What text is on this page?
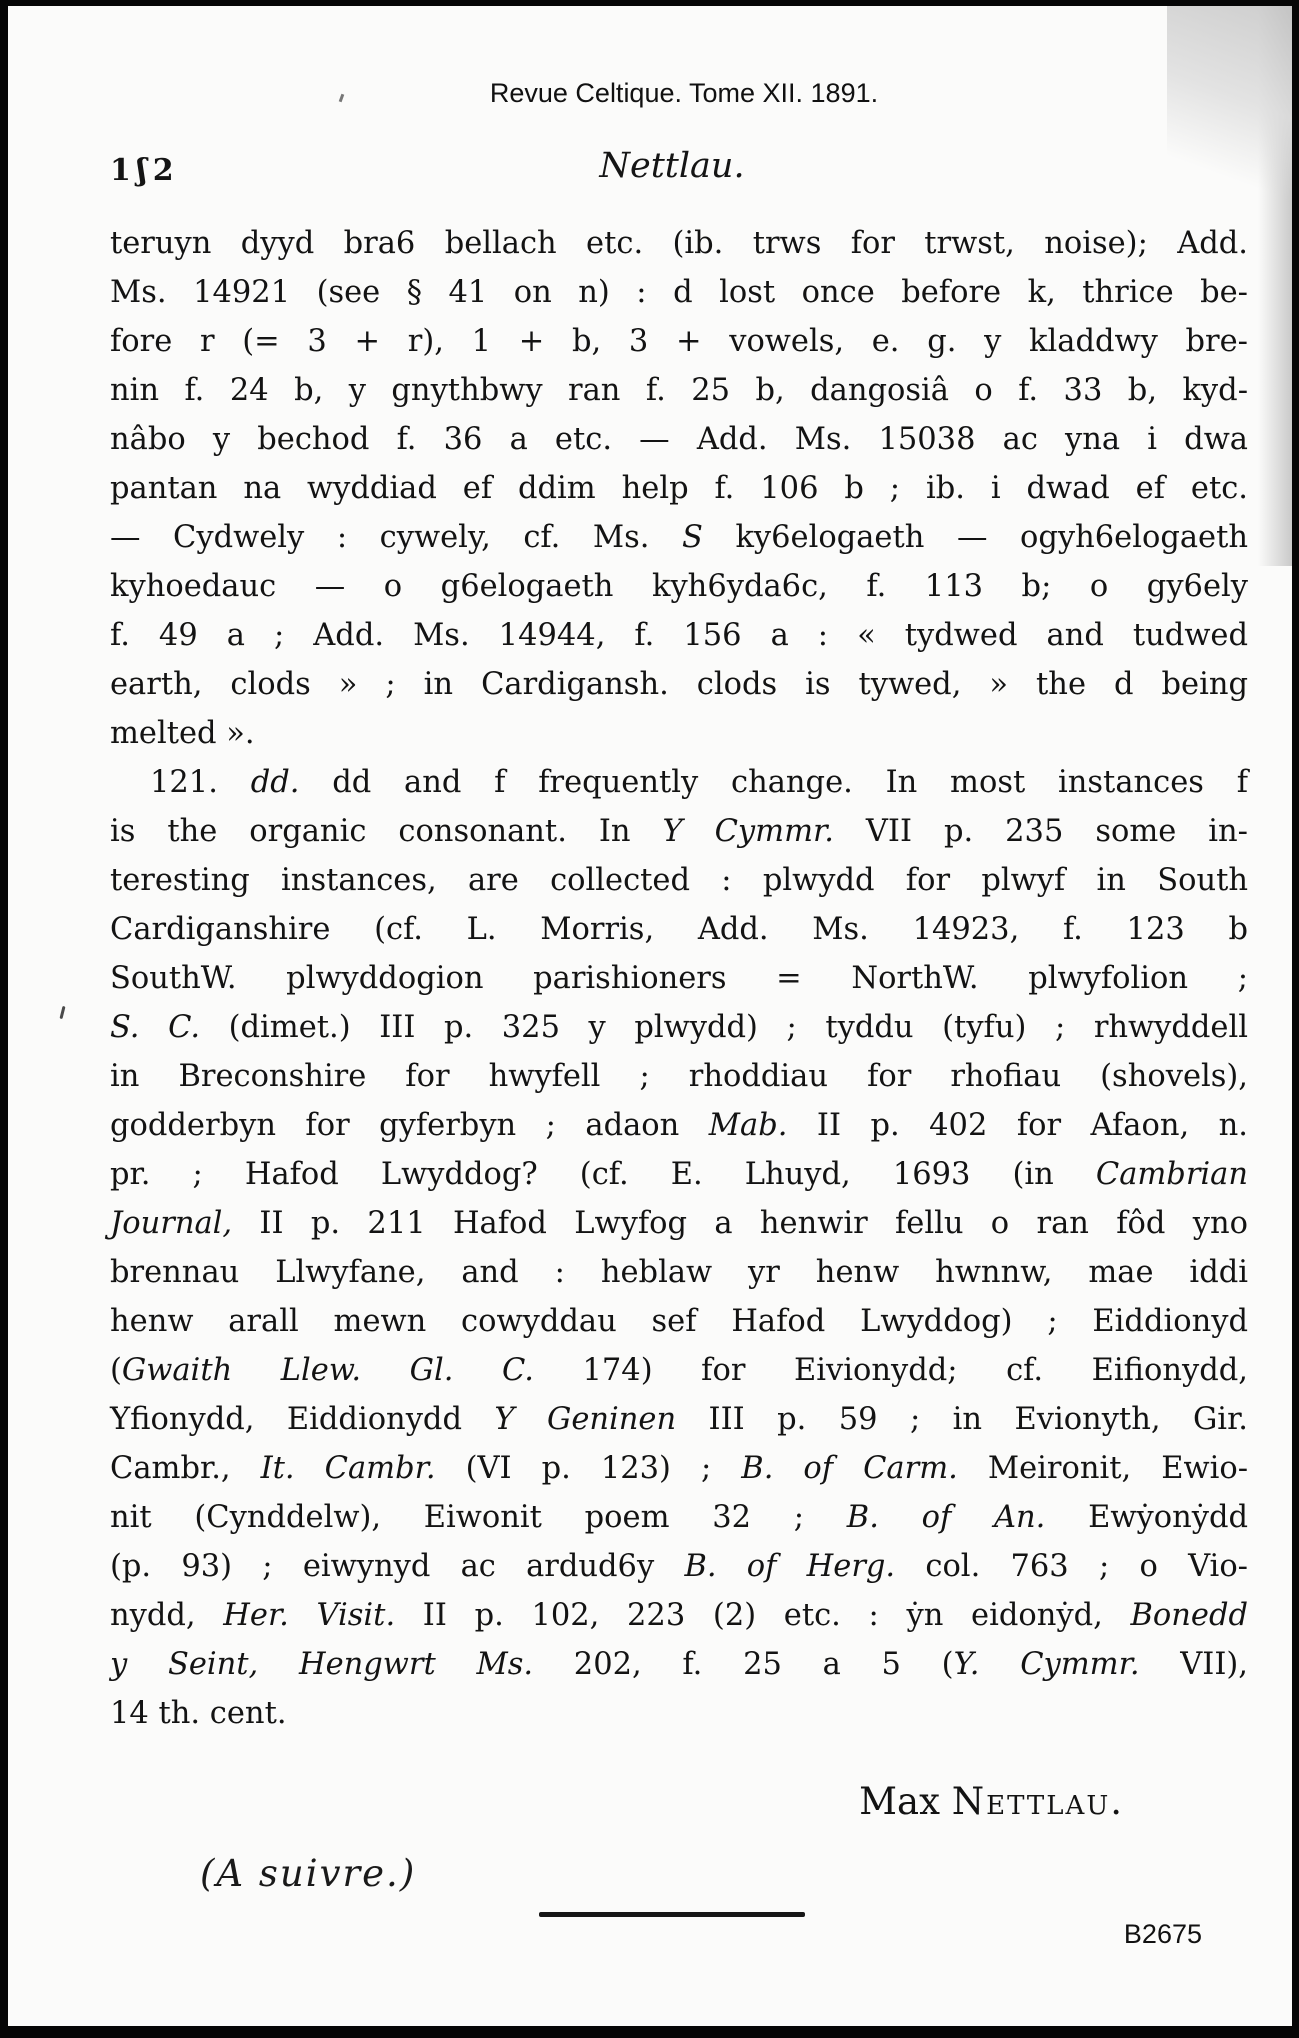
Revue Celtique. Tome XII. 1891.
1ʃ2	Nettlau.
teruyn dyyd bra6 bellach etc. (ib. trws for trwst, noise); Add.
Ms. 14921 (see § 41 on n) : d lost once before k, thrice be-
fore r (= 3 + r), 1 + b, 3 + vowels, e. g. y kladdwy bre-
nin f. 24 b, y gnythbwy ran f. 25 b, dangosiâ o f. 33 b, kyd-
nâbo y bechod f. 36 a etc. — Add. Ms. 15038 ac yna i dwa
pantan na wyddiad ef ddim help f. 106 b ; ib. i dwad ef etc.
— Cydwely : cywely, cf. Ms. S ky6elogaeth — ogyh6elogaeth
kyhoedauc — o g6elogaeth kyh6yda6c, f. 113 b; o gy6ely
f. 49 a ; Add. Ms. 14944, f. 156 a : « tydwed and tudwed
earth, clods » ; in Cardigansh. clods is tywed, » the d being
melted ».
121. dd. dd and f frequently change. In most instances f
is the organic consonant. In Y Cymmr. VII p. 235 some in-
teresting instances, are collected : plwydd for plwyf in South
Cardiganshire (cf. L. Morris, Add. Ms. 14923, f. 123 b
SouthW. plwyddogion parishioners = NorthW. plwyfolion ;
S. C. (dimet.) III p. 325 y plwydd) ; tyddu (tyfu) ; rhwyddell
in Breconshire for hwyfell ; rhoddiau for rhofiau (shovels),
godderbyn for gyferbyn ; adaon Mab. II p. 402 for Afaon, n.
pr. ; Hafod Lwyddog? (cf. E. Lhuyd, 1693 (in Cambrian
Journal, II p. 211 Hafod Lwyfog a henwir fellu o ran fôd yno
brennau Llwyfane, and : heblaw yr henw hwnnw, mae iddi
henw arall mewn cowyddau sef Hafod Lwyddog) ; Eiddionyd
(Gwaith Llew. Gl. C. 174) for Eivionydd; cf. Eifionydd,
Yfionydd, Eiddionydd Y Geninen III p. 59 ; in Evionyth, Gir.
Cambr., It. Cambr. (VI p. 123) ; B. of Carm. Meironit, Ewio-
nit (Cynddelw), Eiwonit poem 32 ; B. of An. Ewẏonẏdd
(p. 93) ; eiwynyd ac ardud6y B. of Herg. col. 763 ; o Vio-
nydd, Her. Visit. II p. 102, 223 (2) etc. : ẏn eidonẏd, Bonedd
y Seint, Hengwrt Ms. 202, f. 25 a 5 (Y. Cymmr. VII),
14 th. cent.
Max Nettlau.
(A suivre.)
B2675
